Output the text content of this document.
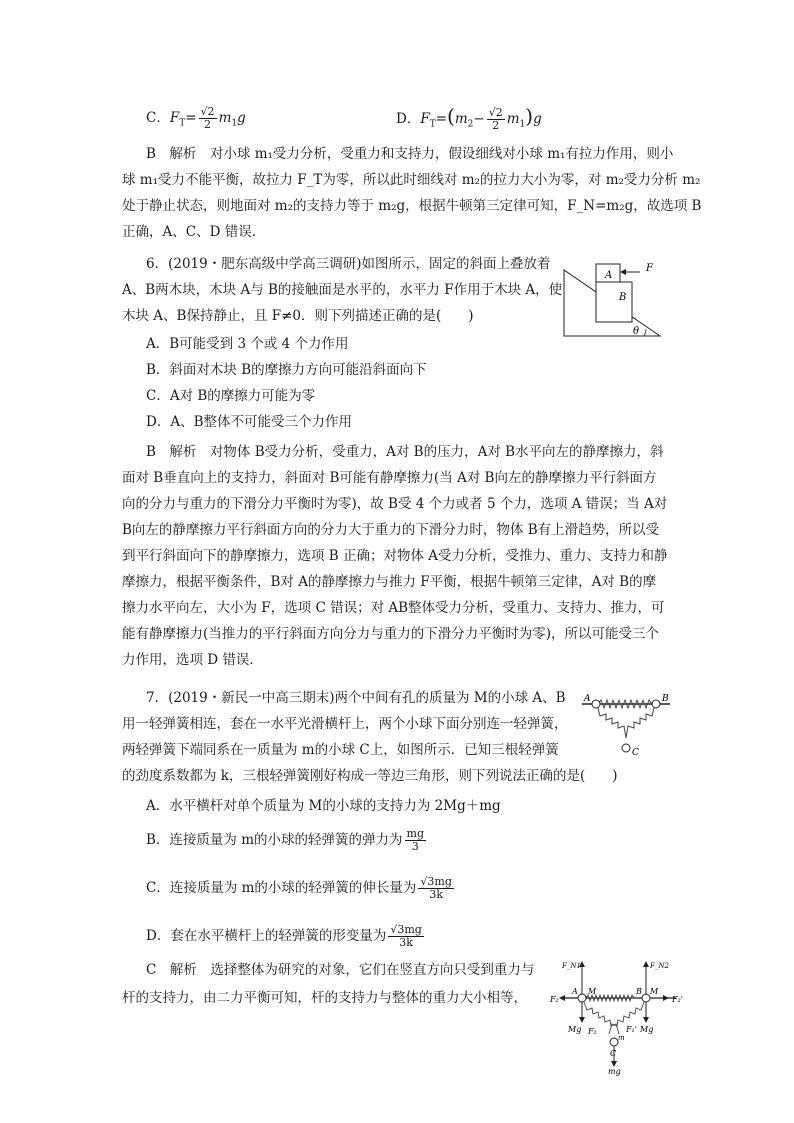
C．$F_T= \frac{√2}{2} m_1g$	D．$F_T=(m_2- \frac{√2}{2} m_1)g$
B　解析　对小球 m₁受力分析，受重力和支持力，假设细线对小球 m₁有拉力作用，则小
球 m₁受力不能平衡，故拉力 F_T为零，所以此时细线对 m₂的拉力大小为零，对 m₂受力分析 m₂
处于静止状态，则地面对 m₂的支持力等于 m₂g，根据牛顿第三定律可知，F_N=m₂g，故选项 B
正确，A、C、D 错误．
6．(2019・肥东高级中学高三调研)如图所示，固定的斜面上叠放着
A、B两木块，木块 A与 B的接触面是水平的，水平力 F作用于木块 A，使
木块 A、B保持静止，且 F≠0．则下列描述正确的是(　　)
A
B
F
θ
A．B可能受到 3 个或 4 个力作用
B．斜面对木块 B的摩擦力方向可能沿斜面向下
C．A对 B的摩擦力可能为零
D．A、B整体不可能受三个力作用
B　解析　对物体 B受力分析，受重力，A对 B的压力，A对 B水平向左的静摩擦力，斜
面对 B垂直向上的支持力，斜面对 B可能有静摩擦力(当 A对 B向左的静摩擦力平行斜面方
向的分力与重力的下滑分力平衡时为零)，故 B受 4 个力或者 5 个力，选项 A 错误；当 A对
B向左的静摩擦力平行斜面方向的分力大于重力的下滑分力时，物体 B有上滑趋势，所以受
到平行斜面向下的静摩擦力，选项 B 正确；对物体 A受力分析，受推力、重力、支持力和静
摩擦力，根据平衡条件，B对 A的静摩擦力与推力 F平衡，根据牛顿第三定律，A对 B的摩
擦力水平向左，大小为 F，选项 C 错误；对 AB整体受力分析，受重力、支持力、推力，可
能有静摩擦力(当推力的平行斜面方向分力与重力的下滑分力平衡时为零)，所以可能受三个
力作用，选项 D 错误．
7．(2019・新民一中高三期末)两个中间有孔的质量为 M的小球 A、B
用一轻弹簧相连，套在一水平光滑横杆上，两个小球下面分别连一轻弹簧，
两轻弹簧下端同系在一质量为 m的小球 C上，如图所示．已知三根轻弹簧
的劲度系数都为 k，三根轻弹簧刚好构成一等边三角形，则下列说法正确的是(　　)
A	B
C
A．水平横杆对单个质量为 M的小球的支持力为 2Mg＋mg
B．连接质量为 m的小球的轻弹簧的弹力为 $\frac{mg}{3}$
C．连接质量为 m的小球的轻弹簧的伸长量为 $\frac{√3mg}{3k}$
D．套在水平横杆上的轻弹簧的形变量为 $\frac{√3mg}{3k}$
C　解析　选择整体为研究的对象，它们在竖直方向只受到重力与
杆的支持力，由二力平衡可知，杆的支持力与整体的重力大小相等，
F_N1	F_N2
F₂	F₂'
A	B
M	M
Mg	Mg
F₁	F₁'
m
C
mg
